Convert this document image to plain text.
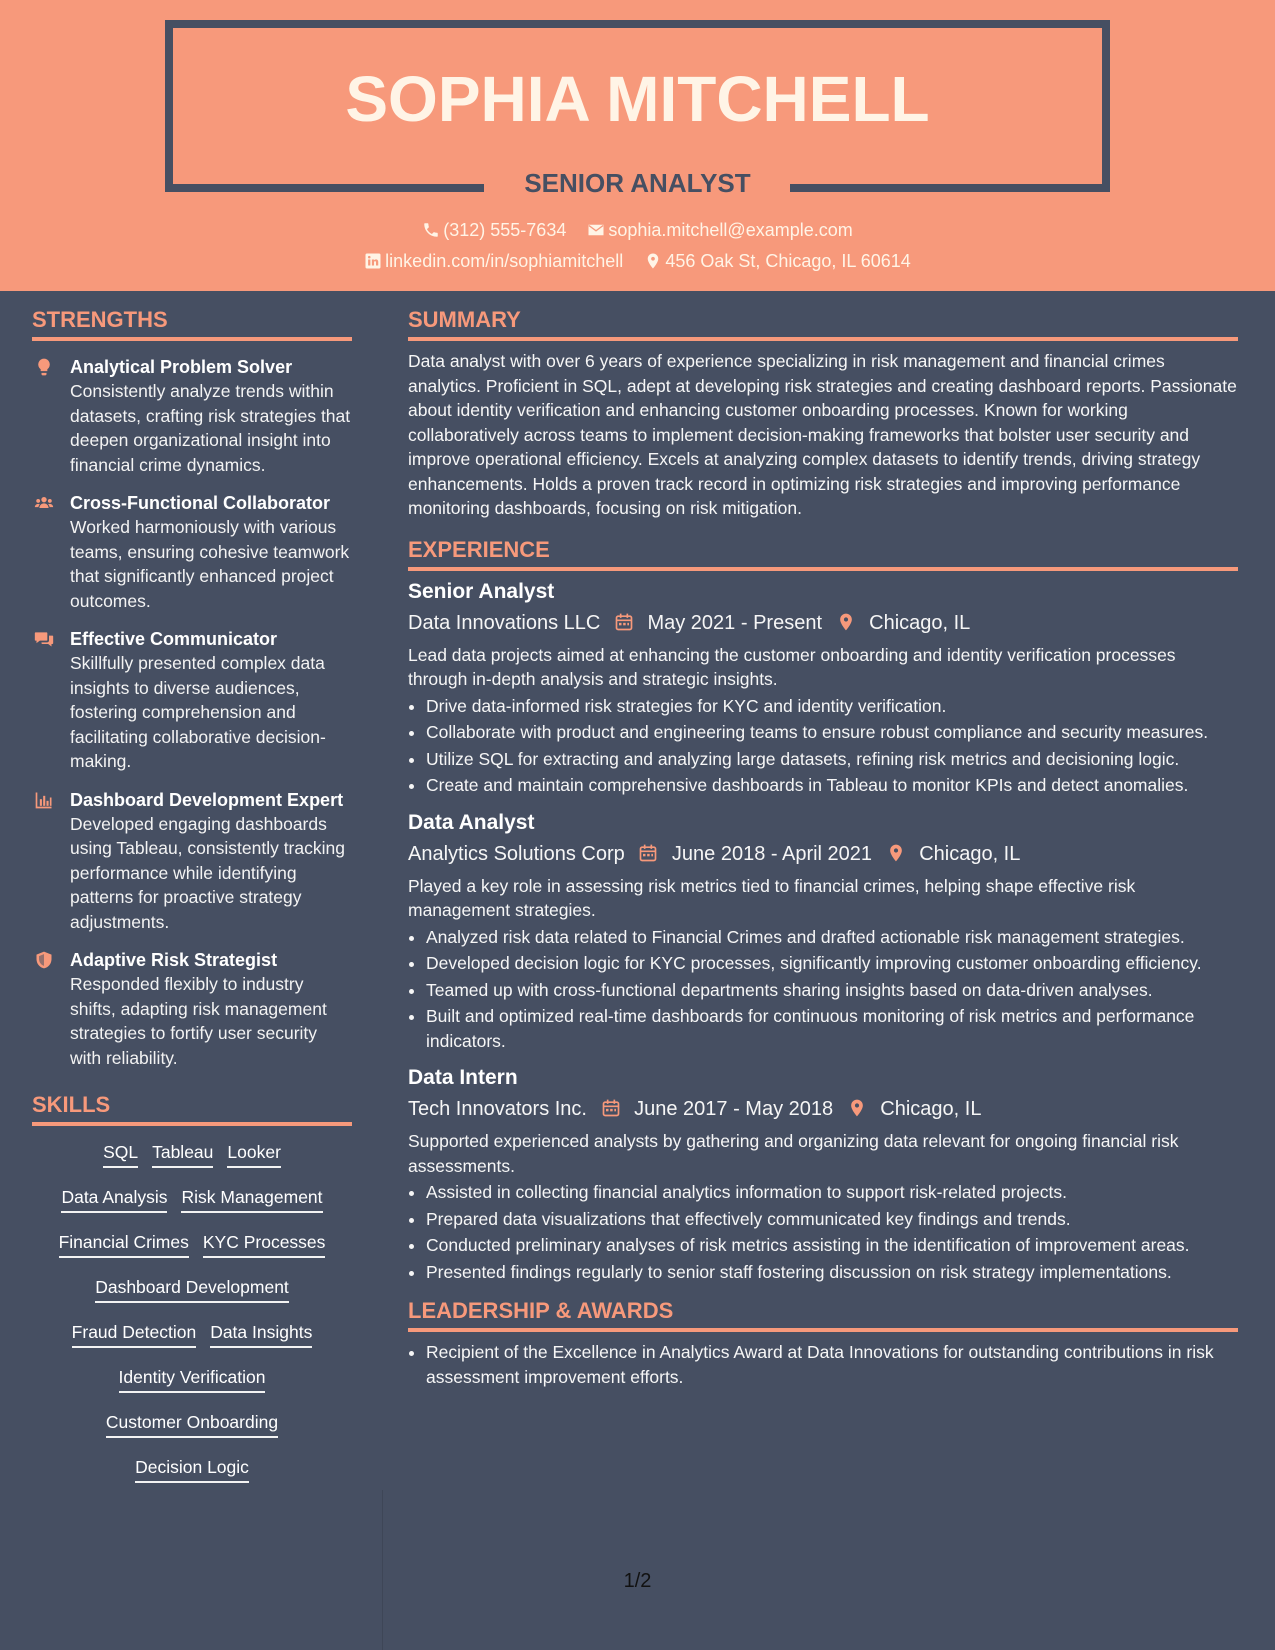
SOPHIA MITCHELL
SENIOR ANALYST
(312) 555-7634 sophia.mitchell@example.com
linkedin.com/in/sophiamitchell 456 Oak St, Chicago, IL 60614
STRENGTHS
Analytical Problem Solver
Consistently analyze trends within datasets, crafting risk strategies that deepen organizational insight into financial crime dynamics.
Cross-Functional Collaborator
Worked harmoniously with various teams, ensuring cohesive teamwork that significantly enhanced project outcomes.
Effective Communicator
Skillfully presented complex data insights to diverse audiences, fostering comprehension and facilitating collaborative decision-making.
Dashboard Development Expert
Developed engaging dashboards using Tableau, consistently tracking performance while identifying patterns for proactive strategy adjustments.
Adaptive Risk Strategist
Responded flexibly to industry shifts, adapting risk management strategies to fortify user security with reliability.
SKILLS
SQL Tableau Looker
Data Analysis Risk Management
Financial Crimes KYC Processes
Dashboard Development
Fraud Detection Data Insights
Identity Verification
Customer Onboarding
Decision Logic
SUMMARY
Data analyst with over 6 years of experience specializing in risk management and financial crimes analytics. Proficient in SQL, adept at developing risk strategies and creating dashboard reports. Passionate about identity verification and enhancing customer onboarding processes. Known for working collaboratively across teams to implement decision-making frameworks that bolster user security and improve operational efficiency. Excels at analyzing complex datasets to identify trends, driving strategy enhancements. Holds a proven track record in optimizing risk strategies and improving performance monitoring dashboards, focusing on risk mitigation.
EXPERIENCE
Senior Analyst
Data Innovations LLC May 2021 - Present Chicago, IL
Lead data projects aimed at enhancing the customer onboarding and identity verification processes through in-depth analysis and strategic insights.
• Drive data-informed risk strategies for KYC and identity verification.
• Collaborate with product and engineering teams to ensure robust compliance and security measures.
• Utilize SQL for extracting and analyzing large datasets, refining risk metrics and decisioning logic.
• Create and maintain comprehensive dashboards in Tableau to monitor KPIs and detect anomalies.
Data Analyst
Analytics Solutions Corp June 2018 - April 2021 Chicago, IL
Played a key role in assessing risk metrics tied to financial crimes, helping shape effective risk management strategies.
• Analyzed risk data related to Financial Crimes and drafted actionable risk management strategies.
• Developed decision logic for KYC processes, significantly improving customer onboarding efficiency.
• Teamed up with cross-functional departments sharing insights based on data-driven analyses.
• Built and optimized real-time dashboards for continuous monitoring of risk metrics and performance indicators.
Data Intern
Tech Innovators Inc. June 2017 - May 2018 Chicago, IL
Supported experienced analysts by gathering and organizing data relevant for ongoing financial risk assessments.
• Assisted in collecting financial analytics information to support risk-related projects.
• Prepared data visualizations that effectively communicated key findings and trends.
• Conducted preliminary analyses of risk metrics assisting in the identification of improvement areas.
• Presented findings regularly to senior staff fostering discussion on risk strategy implementations.
LEADERSHIP & AWARDS
• Recipient of the Excellence in Analytics Award at Data Innovations for outstanding contributions in risk assessment improvement efforts.
1/2
